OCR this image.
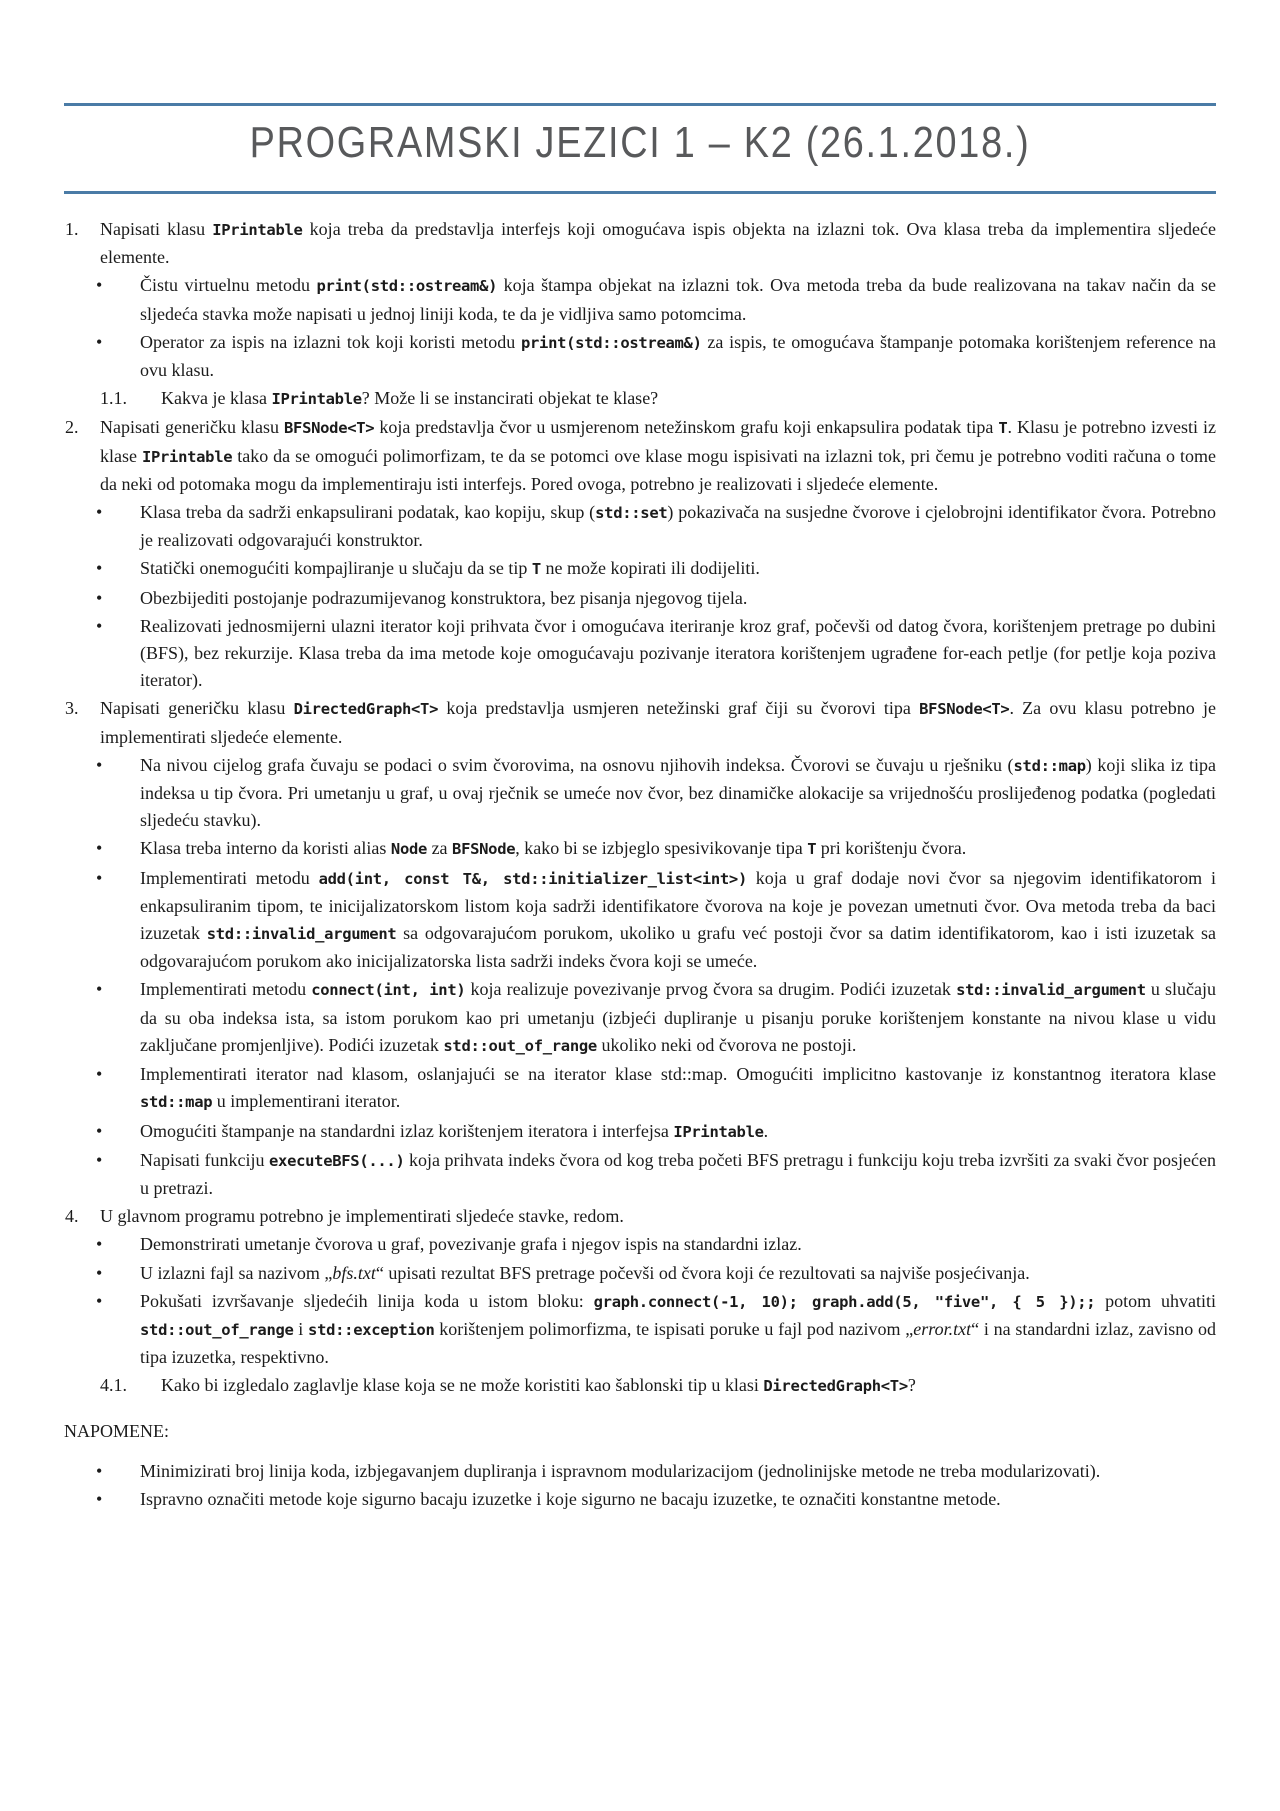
PROGRAMSKI JEZICI 1 – K2 (26.1.2018.)
1. Napisati klasu IPrintable koja treba da predstavlja interfejs koji omogućava ispis objekta na izlazni tok. Ova klasa treba da implementira sljedeće elemente.
• Čistu virtuelnu metodu print(std::ostream&) koja štampa objekat na izlazni tok. Ova metoda treba da bude realizovana na takav način da se sljedeća stavka može napisati u jednoj liniji koda, te da je vidljiva samo potomcima.
• Operator za ispis na izlazni tok koji koristi metodu print(std::ostream&) za ispis, te omogućava štampanje potomaka korištenjem reference na ovu klasu.
1.1. Kakva je klasa IPrintable? Može li se instancirati objekat te klase?
2. Napisati generičku klasu BFSNode<T> koja predstavlja čvor u usmjerenom netežinskom grafu koji enkapsulira podatak tipa T. Klasu je potrebno izvesti iz klase IPrintable tako da se omogući polimorfizam, te da se potomci ove klase mogu ispisivati na izlazni tok, pri čemu je potrebno voditi računa o tome da neki od potomaka mogu da implementiraju isti interfejs. Pored ovoga, potrebno je realizovati i sljedeće elemente.
• Klasa treba da sadrži enkapsulirani podatak, kao kopiju, skup (std::set) pokazivača na susjedne čvorove i cjelobrojni identifikator čvora. Potrebno je realizovati odgovarajući konstruktor.
• Statički onemogućiti kompajliranje u slučaju da se tip T ne može kopirati ili dodijeliti.
• Obezbijediti postojanje podrazumijevanog konstruktora, bez pisanja njegovog tijela.
• Realizovati jednosmijerni ulazni iterator koji prihvata čvor i omogućava iteriranje kroz graf, počevši od datog čvora, korištenjem pretrage po dubini (BFS), bez rekurzije. Klasa treba da ima metode koje omogućavaju pozivanje iteratora korištenjem ugrađene for-each petlje (for petlje koja poziva iterator).
3. Napisati generičku klasu DirectedGraph<T> koja predstavlja usmjeren netežinski graf čiji su čvorovi tipa BFSNode<T>. Za ovu klasu potrebno je implementirati sljedeće elemente.
• Na nivou cijelog grafa čuvaju se podaci o svim čvorovima, na osnovu njihovih indeksa. Čvorovi se čuvaju u rješniku (std::map) koji slika iz tipa indeksa u tip čvora. Pri umetanju u graf, u ovaj rječnik se umeće nov čvor, bez dinamičke alokacije sa vrijednošću proslijeđenog podatka (pogledati sljedeću stavku).
• Klasa treba interno da koristi alias Node za BFSNode, kako bi se izbjeglo spesivikovanje tipa T pri korištenju čvora.
• Implementirati metodu add(int, const T&, std::initializer_list<int>) koja u graf dodaje novi čvor sa njegovim identifikatorom i enkapsuliranim tipom, te inicijalizatorskom listom koja sadrži identifikatore čvorova na koje je povezan umetnuti čvor. Ova metoda treba da baci izuzetak std::invalid_argument sa odgovarajućom porukom, ukoliko u grafu već postoji čvor sa datim identifikatorom, kao i isti izuzetak sa odgovarajućom porukom ako inicijalizatorska lista sadrži indeks čvora koji se umeće.
• Implementirati metodu connect(int, int) koja realizuje povezivanje prvog čvora sa drugim. Podići izuzetak std::invalid_argument u slučaju da su oba indeksa ista, sa istom porukom kao pri umetanju (izbjeći dupliranje u pisanju poruke korištenjem konstante na nivou klase u vidu zaključane promjenljive). Podići izuzetak std::out_of_range ukoliko neki od čvorova ne postoji.
• Implementirati iterator nad klasom, oslanjajući se na iterator klase std::map. Omogućiti implicitno kastovanje iz konstantnog iteratora klase std::map u implementirani iterator.
• Omogućiti štampanje na standardni izlaz korištenjem iteratora i interfejsa IPrintable.
• Napisati funkciju executeBFS(...) koja prihvata indeks čvora od kog treba početi BFS pretragu i funkciju koju treba izvršiti za svaki čvor posjećen u pretrazi.
4. U glavnom programu potrebno je implementirati sljedeće stavke, redom.
• Demonstrirati umetanje čvorova u graf, povezivanje grafa i njegov ispis na standardni izlaz.
• U izlazni fajl sa nazivom „bfs.txt“ upisati rezultat BFS pretrage počevši od čvora koji će rezultovati sa najviše posjećivanja.
• Pokušati izvršavanje sljedećih linija koda u istom bloku: graph.connect(-1, 10); graph.add(5, "five", { 5 });; potom uhvatiti std::out_of_range i std::exception korištenjem polimorfizma, te ispisati poruke u fajl pod nazivom „error.txt“ i na standardni izlaz, zavisno od tipa izuzetka, respektivno.
4.1. Kako bi izgledalo zaglavlje klase koja se ne može koristiti kao šablonski tip u klasi DirectedGraph<T>?
NAPOMENE:
• Minimizirati broj linija koda, izbjegavanjem dupliranja i ispravnom modularizacijom (jednolinijske metode ne treba modularizovati).
• Ispravno označiti metode koje sigurno bacaju izuzetke i koje sigurno ne bacaju izuzetke, te označiti konstantne metode.
